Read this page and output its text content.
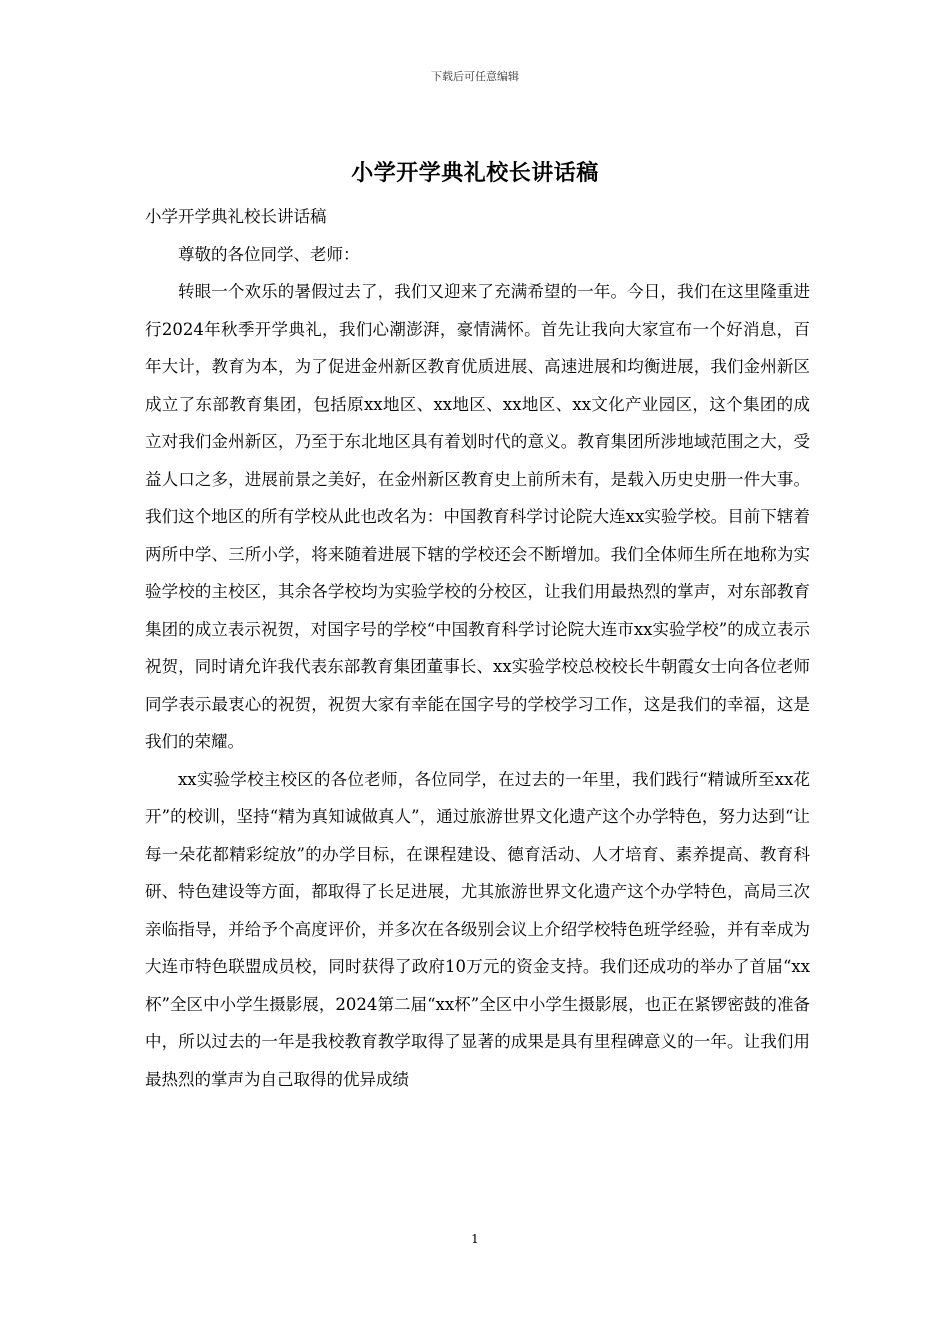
下载后可任意编辑
小学开学典礼校长讲话稿

小学开学典礼校长讲话稿

尊敬的各位同学、老师：

转眼一个欢乐的暑假过去了，我们又迎来了充满希望的一年。今日，我们在这里隆重进行2024年秋季开学典礼，我们心潮澎湃，豪情满怀。首先让我向大家宣布一个好消息，百年大计，教育为本，为了促进金州新区教育优质进展、高速进展和均衡进展，我们金州新区成立了东部教育集团，包括原xx地区、xx地区、xx地区、xx文化产业园区，这个集团的成立对我们金州新区，乃至于东北地区具有着划时代的意义。教育集团所涉地域范围之大，受益人口之多，进展前景之美好，在金州新区教育史上前所未有，是载入历史史册一件大事。我们这个地区的所有学校从此也改名为：中国教育科学讨论院大连xx实验学校。目前下辖着两所中学、三所小学，将来随着进展下辖的学校还会不断增加。我们全体师生所在地称为实验学校的主校区，其余各学校均为实验学校的分校区，让我们用最热烈的掌声，对东部教育集团的成立表示祝贺，对国字号的学校“中国教育科学讨论院大连市xx实验学校”的成立表示祝贺，同时请允许我代表东部教育集团董事长、xx实验学校总校校长牛朝霞女士向各位老师同学表示最衷心的祝贺，祝贺大家有幸能在国字号的学校学习工作，这是我们的幸福，这是我们的荣耀。

xx实验学校主校区的各位老师，各位同学，在过去的一年里，我们践行“精诚所至xx花开”的校训，坚持“精为真知诚做真人”，通过旅游世界文化遗产这个办学特色，努力达到“让每一朵花都精彩绽放”的办学目标，在课程建设、德育活动、人才培育、素养提高、教育科研、特色建设等方面，都取得了长足进展，尤其旅游世界文化遗产这个办学特色，高局三次亲临指导，并给予个高度评价，并多次在各级别会议上介绍学校特色班学经验，并有幸成为大连市特色联盟成员校，同时获得了政府10万元的资金支持。我们还成功的举办了首届“xx杯”全区中小学生摄影展，2024第二届“xx杯”全区中小学生摄影展，也正在紧锣密鼓的准备中，所以过去的一年是我校教育教学取得了显著的成果是具有里程碑意义的一年。让我们用最热烈的掌声为自己取得的优异成绩

1
